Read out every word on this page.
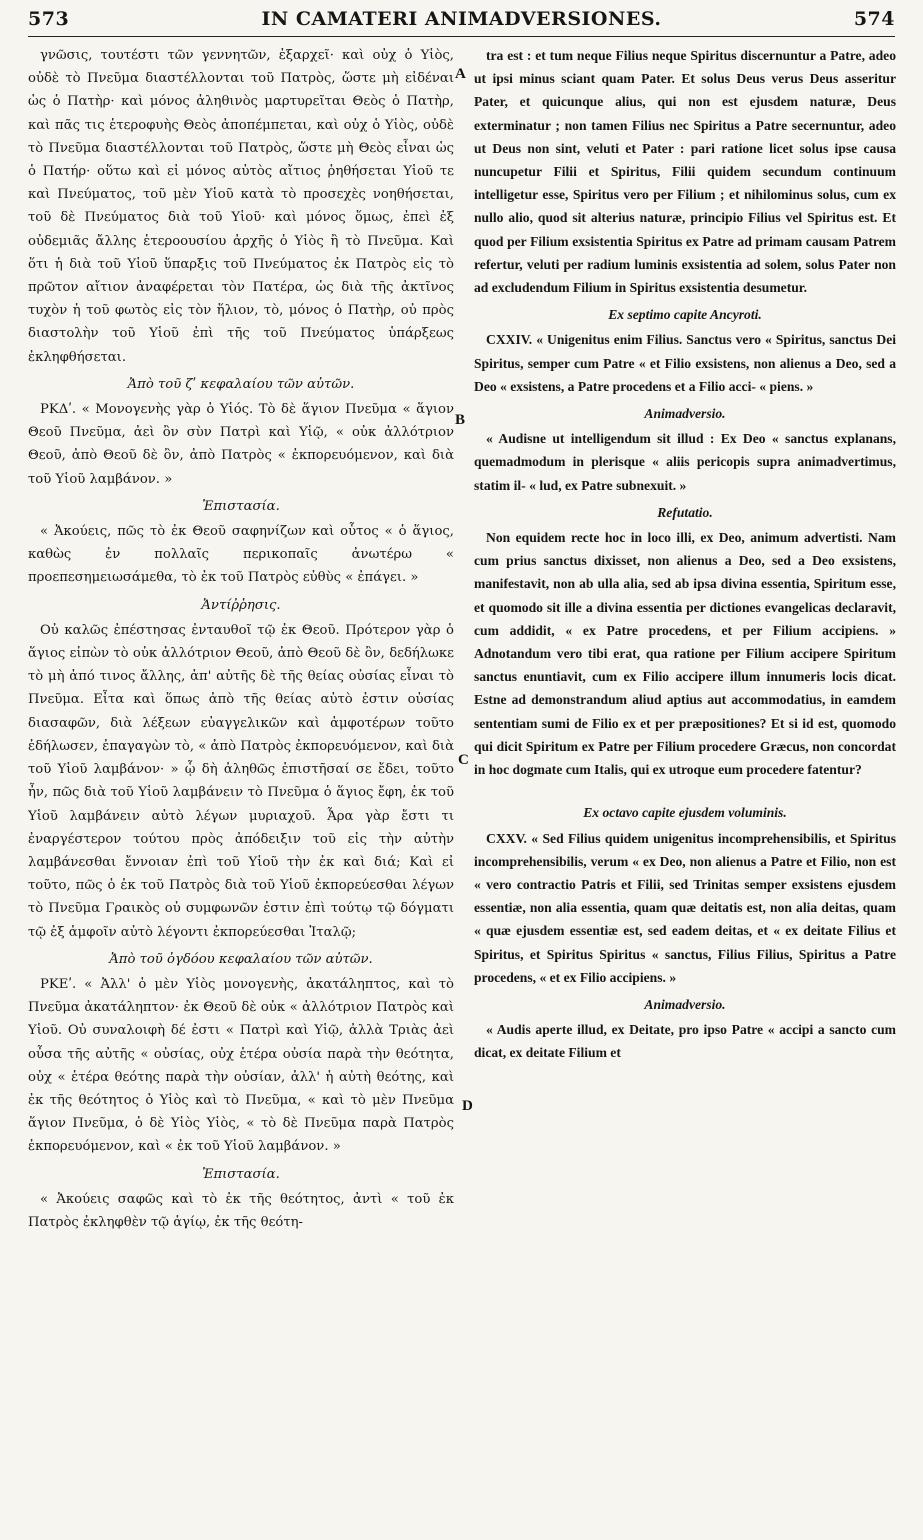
573	IN CAMATERI ANIMADVERSIONES.	574

γνῶσις, τουτέστι τῶν γεννητῶν, ἐξαρχεῖ· καὶ οὐχ ὁ Υἱὸς, οὐδὲ τὸ Πνεῦμα διαστέλλονται τοῦ Πατρὸς, ὥστε μὴ εἰδέναι ὡς ὁ Πατὴρ· καὶ μόνος ἀληθινὸς μαρτυρεῖται Θεὸς ὁ Πατὴρ, καὶ πᾶς τις ἑτεροφυὴς Θεὸς ἀποπέμπεται, καὶ οὐχ ὁ Υἱὸς, οὐδὲ τὸ Πνεῦμα διαστέλλονται τοῦ Πατρὸς, ὥστε μὴ Θεὸς εἶναι ὡς ὁ Πατήρ· οὕτω καὶ εἰ μόνος αὐτὸς αἴτιος ῥηθήσεται Υἱοῦ τε καὶ Πνεύματος, τοῦ μὲν Υἱοῦ κατὰ τὸ προσεχὲς νοηθήσεται, τοῦ δὲ Πνεύματος διὰ τοῦ Υἱοῦ· καὶ μόνος ὅμως, ἐπεὶ ἐξ οὐδεμιᾶς ἄλλης ἑτεροουσίου ἀρχῆς ὁ Υἱὸς ἢ τὸ Πνεῦμα. Καὶ ὅτι ἡ διὰ τοῦ Υἱοῦ ὕπαρξις τοῦ Πνεύματος ἐκ Πατρὸς εἰς τὸ πρῶτον αἴτιον ἀναφέρεται τὸν Πατέρα, ὡς διὰ τῆς ἀκτῖνος τυχὸν ἡ τοῦ φωτὸς εἰς τὸν ἥλιον, τὸ, μόνος ὁ Πατὴρ, οὐ πρὸς διαστολὴν τοῦ Υἱοῦ ἐπὶ τῆς τοῦ Πνεύματος ὑπάρξεως ἐκληφθήσεται.

Ἀπὸ τοῦ ζʹ κεφαλαίου τῶν αὐτῶν.

ΡΚΔʹ. « Μονογενὴς γὰρ ὁ Υἱός. Τὸ δὲ ἅγιον Πνεῦμα « ἅγιον Θεοῦ Πνεῦμα, ἀεὶ ὂν σὺν Πατρὶ καὶ Υἱῷ, « οὐκ ἀλλότριον Θεοῦ, ἀπὸ Θεοῦ δὲ ὂν, ἀπὸ Πατρὸς « ἐκπορευόμενον, καὶ διὰ τοῦ Υἱοῦ λαμβάνον. »

Ἐπιστασία.

« Ἀκούεις, πῶς τὸ ἐκ Θεοῦ σαφηνίζων καὶ οὗτος « ὁ ἅγιος, καθὼς ἐν πολλαῖς περικοπαῖς ἀνωτέρω « προεπεσημειωσάμεθα, τὸ ἐκ τοῦ Πατρὸς εὐθὺς « ἐπάγει. »

Ἀντίῤῥησις.

Οὐ καλῶς ἐπέστησας ἐνταυθοῖ τῷ ἐκ Θεοῦ. Πρότερον γὰρ ὁ ἅγιος εἰπὼν τὸ οὐκ ἀλλότριον Θεοῦ, ἀπὸ Θεοῦ δὲ ὂν, δεδήλωκε τὸ μὴ ἀπό τινος ἄλλης, ἀπ' αὐτῆς δὲ τῆς θείας οὐσίας εἶναι τὸ Πνεῦμα. Εἶτα καὶ ὅπως ἀπὸ τῆς θείας αὐτὸ ἐστιν οὐσίας διασαφῶν, διὰ λέξεων εὐαγγελικῶν καὶ ἀμφοτέρων τοῦτο ἐδήλωσεν, ἐπαγαγὼν τὸ, « ἀπὸ Πατρὸς ἐκπορευόμενον, καὶ διὰ τοῦ Υἱοῦ λαμβάνον· » ᾧ δὴ ἀληθῶς ἐπιστῆσαί σε ἔδει, τοῦτο ἦν, πῶς διὰ τοῦ Υἱοῦ λαμβάνειν τὸ Πνεῦμα ὁ ἅγιος ἔφη, ἐκ τοῦ Υἱοῦ λαμβάνειν αὐτὸ λέγων μυριαχοῦ. Ἆρα γὰρ ἔστι τι ἐναργέστερον τούτου πρὸς ἀπόδειξιν τοῦ εἰς τὴν αὐτὴν λαμβάνεσθαι ἔννοιαν ἐπὶ τοῦ Υἱοῦ τὴν ἐκ καὶ διά; Καὶ εἰ τοῦτο, πῶς ὁ ἐκ τοῦ Πατρὸς διὰ τοῦ Υἱοῦ ἐκπορεύεσθαι λέγων τὸ Πνεῦμα Γραικὸς οὐ συμφωνῶν ἐστιν ἐπὶ τούτῳ τῷ δόγματι τῷ ἐξ ἀμφοῖν αὐτὸ λέγοντι ἐκπορεύεσθαι Ἰταλῷ;

Ἀπὸ τοῦ ὀγδόου κεφαλαίου τῶν αὐτῶν.

ΡΚΕʹ. « Ἀλλ' ὁ μὲν Υἱὸς μονογενὴς, ἀκατάληπτος, καὶ τὸ Πνεῦμα ἀκατάληπτον· ἐκ Θεοῦ δὲ οὐκ « ἀλλότριον Πατρὸς καὶ Υἱοῦ. Οὐ συναλοιφὴ δέ ἐστι « Πατρὶ καὶ Υἱῷ, ἀλλὰ Τριὰς ἀεὶ οὖσα τῆς αὐτῆς « οὐσίας, οὐχ ἑτέρα οὐσία παρὰ τὴν θεότητα, οὐχ « ἑτέρα θεότης παρὰ τὴν οὐσίαν, ἀλλ' ἡ αὐτὴ θεότης, καὶ ἐκ τῆς θεότητος ὁ Υἱὸς καὶ τὸ Πνεῦμα, « καὶ τὸ μὲν Πνεῦμα ἅγιον Πνεῦμα, ὁ δὲ Υἱὸς Υἱὸς, « τὸ δὲ Πνεῦμα παρὰ Πατρὸς ἐκπορευόμενον, καὶ « ἐκ τοῦ Υἱοῦ λαμβάνον. »

Ἐπιστασία.

« Ἀκούεις σαφῶς καὶ τὸ ἐκ τῆς θεότητος, ἀντὶ « τοῦ ἐκ Πατρὸς ἐκληφθὲν τῷ ἁγίῳ, ἐκ τῆς θεότη-

tra est : et tum neque Filius neque Spiritus discernuntur a Patre, adeo ut ipsi minus sciant quam Pater. Et solus Deus verus Deus asseritur Pater, et quicunque alius, qui non est ejusdem naturæ, Deus exterminatur ; non tamen Filius nec Spiritus a Patre secernuntur, adeo ut Deus non sint, veluti et Pater : pari ratione licet solus ipse causa nuncupetur Filii et Spiritus, Filii quidem secundum continuum intelligetur esse, Spiritus vero per Filium ; et nihilominus solus, cum ex nullo alio, quod sit alterius naturæ, principio Filius vel Spiritus est. Et quod per Filium exsistentia Spiritus ex Patre ad primam causam Patrem refertur, veluti per radium luminis exsistentia ad solem, solus Pater non ad excludendum Filium in Spiritus exsistentia desumetur.

Ex septimo capite Ancyroti.

CXXIV. « Unigenitus enim Filius. Sanctus vero « Spiritus, sanctus Dei Spiritus, semper cum Patre « et Filio exsistens, non alienus a Deo, sed a Deo « exsistens, a Patre procedens et a Filio acci- « piens. »

Animadversio.

« Audisne ut intelligendum sit illud : Ex Deo « sanctus explanans, quemadmodum in plerisque « aliis pericopis supra animadvertimus, statim il- « lud, ex Patre subnexuit. »

Refutatio.

Non equidem recte hoc in loco illi, ex Deo, animum advertisti. Nam cum prius sanctus dixisset, non alienus a Deo, sed a Deo exsistens, manifestavit, non ab ulla alia, sed ab ipsa divina essentia, Spiritum esse, et quomodo sit ille a divina essentia per dictiones evangelicas declaravit, cum addidit, « ex Patre procedens, et per Filium accipiens. » Adnotandum vero tibi erat, qua ratione per Filium accipere Spiritum sanctus enuntiavit, cum ex Filio accipere illum innumeris locis dicat. Estne ad demonstrandum aliud aptius aut accommodatius, in eamdem sententiam sumi de Filio ex et per præpositiones? Et si id est, quomodo qui dicit Spiritum ex Patre per Filium procedere Græcus, non concordat in hoc dogmate cum Italis, qui ex utroque eum procedere fatentur?

Ex octavo capite ejusdem voluminis.

CXXV. « Sed Filius quidem unigenitus incomprehensibilis, et Spiritus incomprehensibilis, verum « ex Deo, non alienus a Patre et Filio, non est « vero contractio Patris et Filii, sed Trinitas semper exsistens ejusdem essentiæ, non alia essentia, quam quæ deitatis est, non alia deitas, quam « quæ ejusdem essentiæ est, sed eadem deitas, et « ex deitate Filius et Spiritus, et Spiritus Spiritus « sanctus, Filius Filius, Spiritus a Patre procedens, « et ex Filio accipiens. »

Animadversio.

« Audis aperte illud, ex Deitate, pro ipso Patre « accipi a sancto cum dicat, ex deitate Filium et

A
B
C
D
